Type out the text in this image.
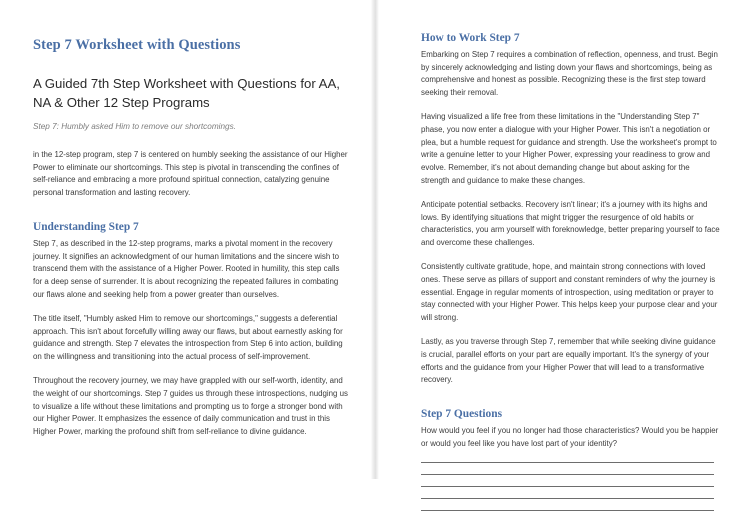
Step 7 Worksheet with Questions
A Guided 7th Step Worksheet with Questions for AA, NA & Other 12 Step Programs

Step 7: Humbly asked Him to remove our shortcomings.

in the 12-step program, step 7 is centered on humbly seeking the assistance of our Higher Power to eliminate our shortcomings. This step is pivotal in transcending the confines of self-reliance and embracing a more profound spiritual connection, catalyzing genuine personal transformation and lasting recovery.

Understanding Step 7

Step 7, as described in the 12-step programs, marks a pivotal moment in the recovery journey. It signifies an acknowledgment of our human limitations and the sincere wish to transcend them with the assistance of a Higher Power. Rooted in humility, this step calls for a deep sense of surrender. It is about recognizing the repeated failures in combating our flaws alone and seeking help from a power greater than ourselves.

The title itself, "Humbly asked Him to remove our shortcomings," suggests a deferential approach. This isn't about forcefully willing away our flaws, but about earnestly asking for guidance and strength. Step 7 elevates the introspection from Step 6 into action, building on the willingness and transitioning into the actual process of self-improvement.

Throughout the recovery journey, we may have grappled with our self-worth, identity, and the weight of our shortcomings. Step 7 guides us through these introspections, nudging us to visualize a life without these limitations and prompting us to forge a stronger bond with our Higher Power. It emphasizes the essence of daily communication and trust in this Higher Power, marking the profound shift from self-reliance to divine guidance.

How to Work Step 7

Embarking on Step 7 requires a combination of reflection, openness, and trust. Begin by sincerely acknowledging and listing down your flaws and shortcomings, being as comprehensive and honest as possible. Recognizing these is the first step toward seeking their removal.

Having visualized a life free from these limitations in the "Understanding Step 7" phase, you now enter a dialogue with your Higher Power. This isn't a negotiation or plea, but a humble request for guidance and strength. Use the worksheet's prompt to write a genuine letter to your Higher Power, expressing your readiness to grow and evolve. Remember, it's not about demanding change but about asking for the strength and guidance to make these changes.

Anticipate potential setbacks. Recovery isn't linear; it's a journey with its highs and lows. By identifying situations that might trigger the resurgence of old habits or characteristics, you arm yourself with foreknowledge, better preparing yourself to face and overcome these challenges.

Consistently cultivate gratitude, hope, and maintain strong connections with loved ones. These serve as pillars of support and constant reminders of why the journey is essential. Engage in regular moments of introspection, using meditation or prayer to stay connected with your Higher Power. This helps keep your purpose clear and your will strong.

Lastly, as you traverse through Step 7, remember that while seeking divine guidance is crucial, parallel efforts on your part are equally important. It's the synergy of your efforts and the guidance from your Higher Power that will lead to a transformative recovery.

Step 7 Questions

How would you feel if you no longer had those characteristics? Would you be happier or would you feel like you have lost part of your identity?
